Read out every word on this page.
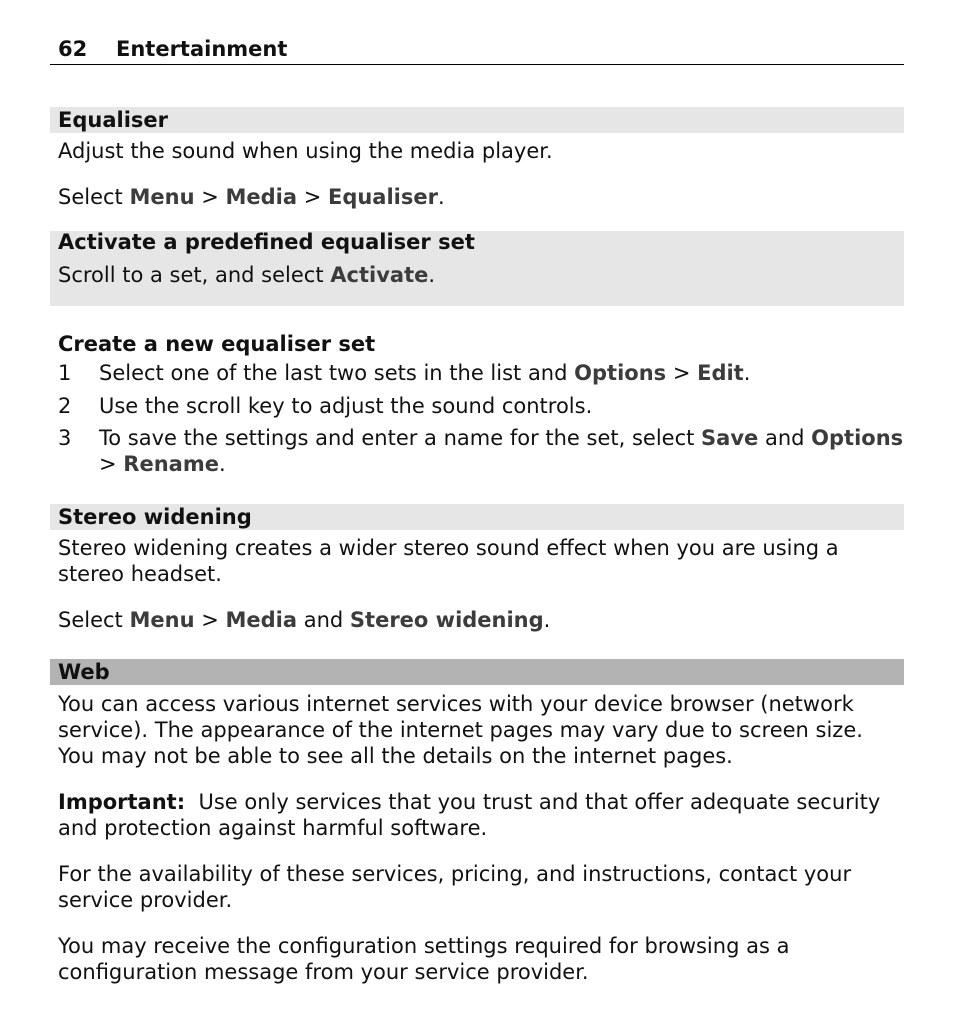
62 Entertainment
Equaliser

Adjust the sound when using the media player.

Select Menu > Media > Equaliser.

Activate a predefined equaliser set

Scroll to a set, and select Activate.

Create a new equaliser set

1 Select one of the last two sets in the list and Options > Edit.
2 Use the scroll key to adjust the sound controls.
3 To save the settings and enter a name for the set, select Save and Options > Rename.
Stereo widening

Stereo widening creates a wider stereo sound effect when you are using a stereo headset.

Select Menu > Media and Stereo widening.

Web

You can access various internet services with your device browser (network service). The appearance of the internet pages may vary due to screen size. You may not be able to see all the details on the internet pages.

Important: Use only services that you trust and that offer adequate security and protection against harmful software.

For the availability of these services, pricing, and instructions, contact your service provider.

You may receive the configuration settings required for browsing as a configuration message from your service provider.
